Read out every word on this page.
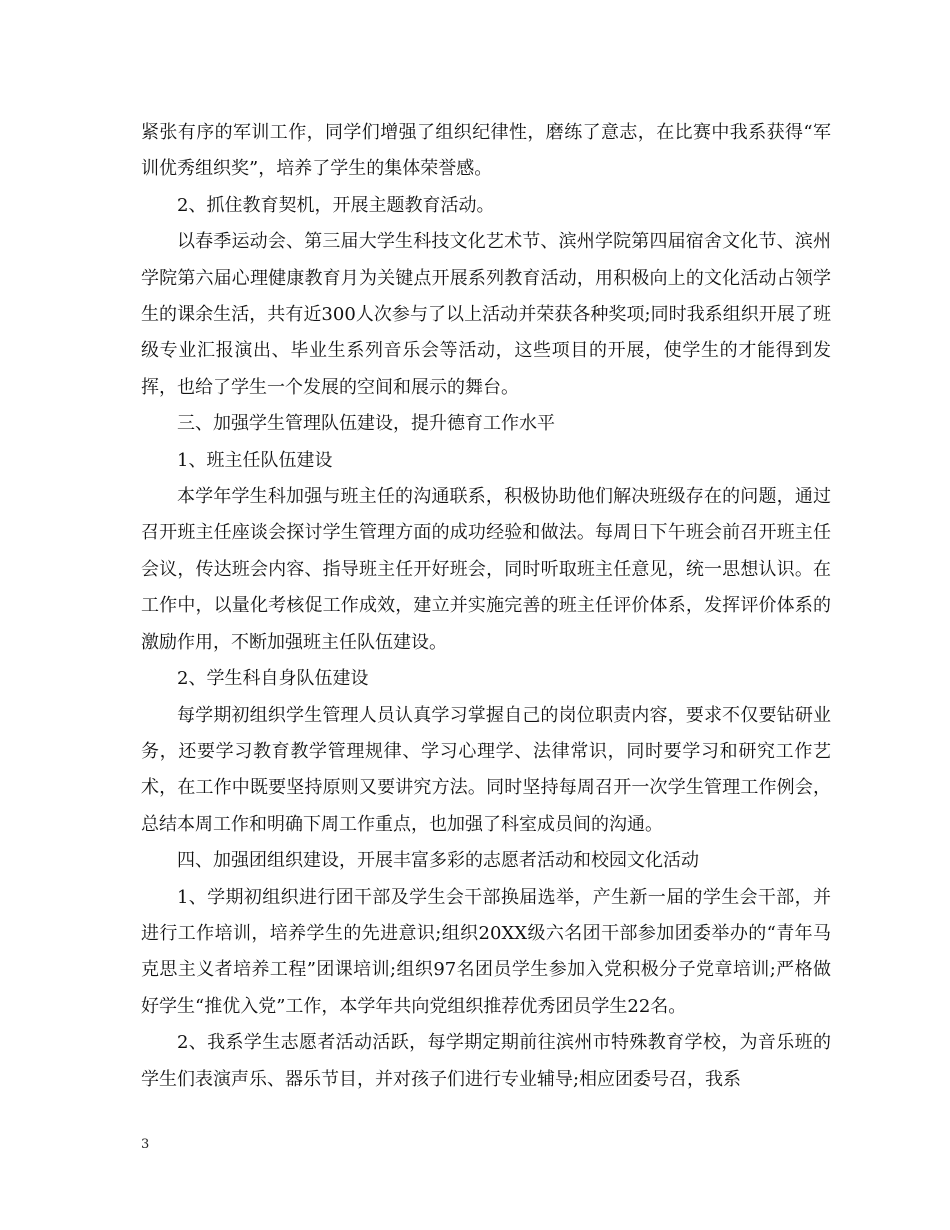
紧张有序的军训工作，同学们增强了组织纪律性，磨练了意志，在比赛中我系获得“军训优秀组织奖”，培养了学生的集体荣誉感。

2、抓住教育契机，开展主题教育活动。

以春季运动会、第三届大学生科技文化艺术节、滨州学院第四届宿舍文化节、滨州学院第六届心理健康教育月为关键点开展系列教育活动，用积极向上的文化活动占领学生的课余生活，共有近300人次参与了以上活动并荣获各种奖项;同时我系组织开展了班级专业汇报演出、毕业生系列音乐会等活动，这些项目的开展，使学生的才能得到发挥，也给了学生一个发展的空间和展示的舞台。

三、加强学生管理队伍建设，提升德育工作水平

1、班主任队伍建设

本学年学生科加强与班主任的沟通联系，积极协助他们解决班级存在的问题，通过召开班主任座谈会探讨学生管理方面的成功经验和做法。每周日下午班会前召开班主任会议，传达班会内容、指导班主任开好班会，同时听取班主任意见，统一思想认识。在工作中，以量化考核促工作成效，建立并实施完善的班主任评价体系，发挥评价体系的激励作用，不断加强班主任队伍建设。

2、学生科自身队伍建设

每学期初组织学生管理人员认真学习掌握自己的岗位职责内容，要求不仅要钻研业务，还要学习教育教学管理规律、学习心理学、法律常识，同时要学习和研究工作艺术，在工作中既要坚持原则又要讲究方法。同时坚持每周召开一次学生管理工作例会，总结本周工作和明确下周工作重点，也加强了科室成员间的沟通。

四、加强团组织建设，开展丰富多彩的志愿者活动和校园文化活动

1、学期初组织进行团干部及学生会干部换届选举，产生新一届的学生会干部，并进行工作培训，培养学生的先进意识;组织20XX级六名团干部参加团委举办的“青年马克思主义者培养工程”团课培训;组织97名团员学生参加入党积极分子党章培训;严格做好学生“推优入党”工作，本学年共向党组织推荐优秀团员学生22名。

2、我系学生志愿者活动活跃，每学期定期前往滨州市特殊教育学校，为音乐班的学生们表演声乐、器乐节目，并对孩子们进行专业辅导;相应团委号召，我系

3
